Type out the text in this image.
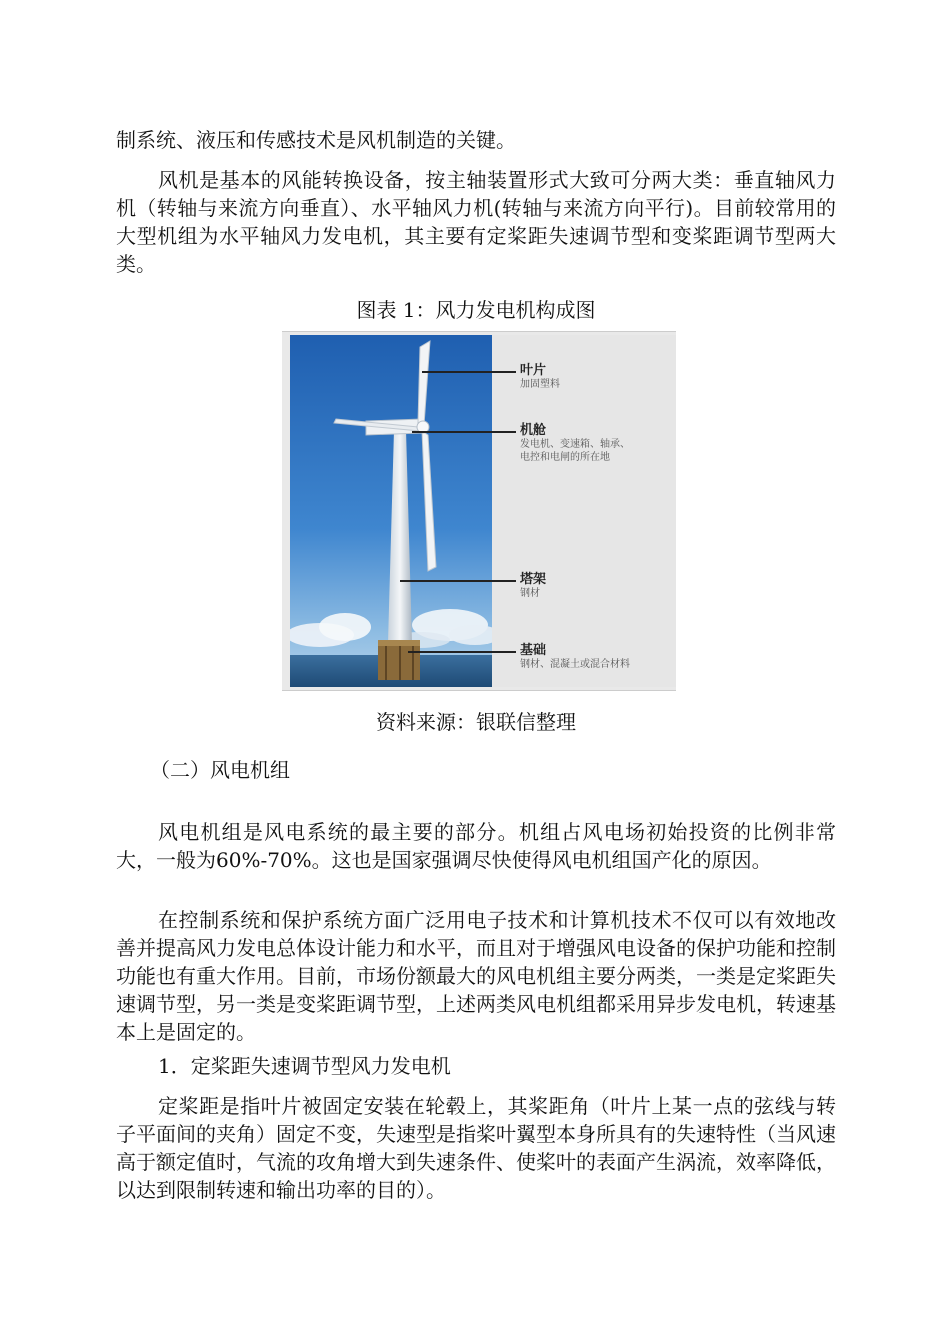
制系统、液压和传感技术是风机制造的关键。

风机是基本的风能转换设备，按主轴装置形式大致可分两大类：垂直轴风力机（转轴与来流方向垂直）、水平轴风力机(转轴与来流方向平行)。目前较常用的大型机组为水平轴风力发电机，其主要有定桨距失速调节型和变桨距调节型两大类。

图表 1：风力发电机构成图

叶片
加固塑料
机舱
发电机、变速箱、轴承、
电控和电闸的所在地
塔架
钢材
基础
钢材、混凝土或混合材料

资料来源：银联信整理

（二）风电机组

风电机组是风电系统的最主要的部分。机组占风电场初始投资的比例非常大，一般为60%-70%。这也是国家强调尽快使得风电机组国产化的原因。

在控制系统和保护系统方面广泛用电子技术和计算机技术不仅可以有效地改善并提高风力发电总体设计能力和水平，而且对于增强风电设备的保护功能和控制功能也有重大作用。目前，市场份额最大的风电机组主要分两类，一类是定桨距失速调节型，另一类是变桨距调节型，上述两类风电机组都采用异步发电机，转速基本上是固定的。

1．定桨距失速调节型风力发电机

定桨距是指叶片被固定安装在轮毂上，其桨距角（叶片上某一点的弦线与转子平面间的夹角）固定不变，失速型是指桨叶翼型本身所具有的失速特性（当风速高于额定值时，气流的攻角增大到失速条件、使桨叶的表面产生涡流，效率降低，以达到限制转速和输出功率的目的）。
